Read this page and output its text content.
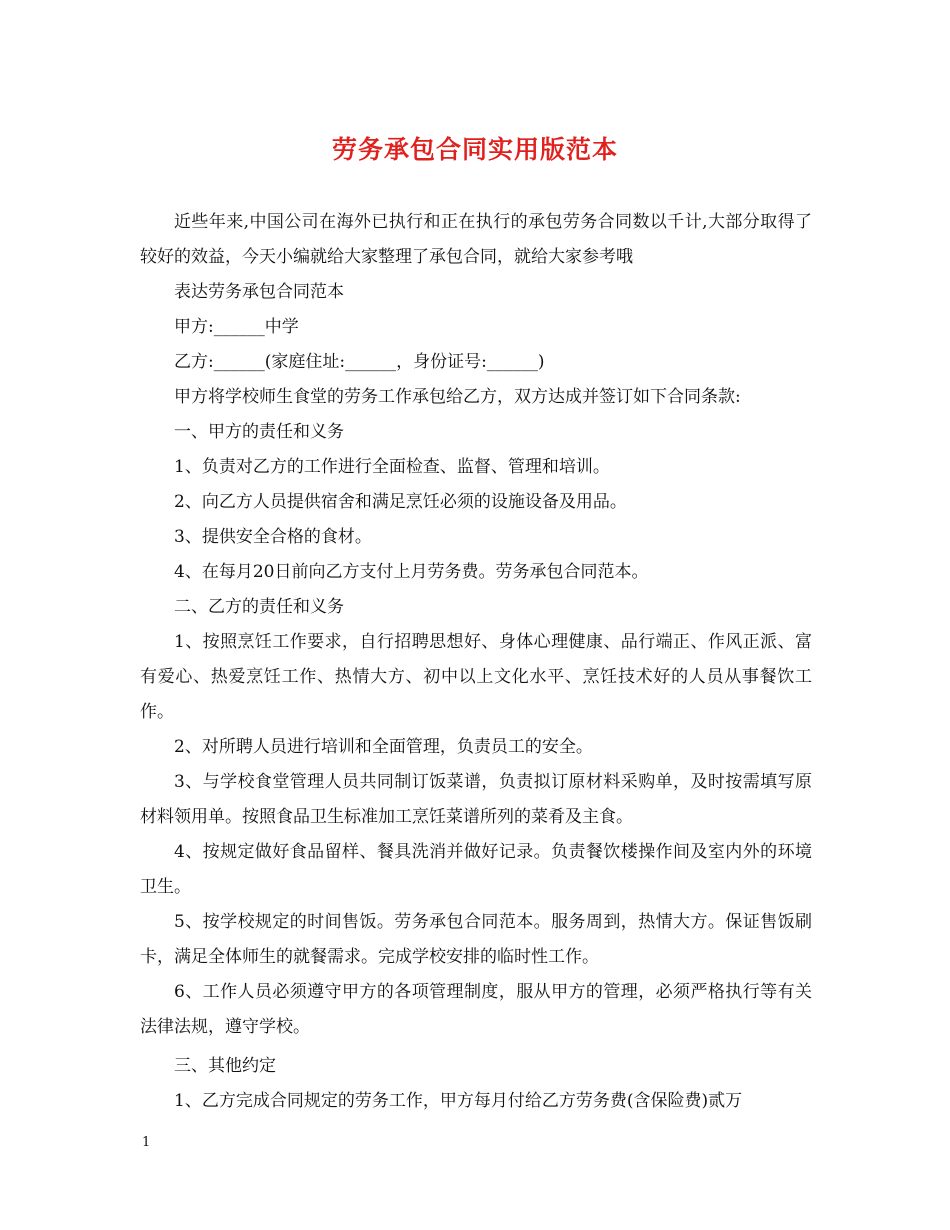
劳务承包合同实用版范本

近些年来,中国公司在海外已执行和正在执行的承包劳务合同数以千计,大部分取得了较好的效益，今天小编就给大家整理了承包合同，就给大家参考哦

表达劳务承包合同范本

甲方:______中学

乙方:______(家庭住址:______，身份证号:______)

甲方将学校师生食堂的劳务工作承包给乙方，双方达成并签订如下合同条款:

一、甲方的责任和义务

1、负责对乙方的工作进行全面检查、监督、管理和培训。

2、向乙方人员提供宿舍和满足烹饪必须的设施设备及用品。

3、提供安全合格的食材。

4、在每月20日前向乙方支付上月劳务费。劳务承包合同范本。

二、乙方的责任和义务

1、按照烹饪工作要求，自行招聘思想好、身体心理健康、品行端正、作风正派、富有爱心、热爱烹饪工作、热情大方、初中以上文化水平、烹饪技术好的人员从事餐饮工作。

2、对所聘人员进行培训和全面管理，负责员工的安全。

3、与学校食堂管理人员共同制订饭菜谱，负责拟订原材料采购单，及时按需填写原材料领用单。按照食品卫生标准加工烹饪菜谱所列的菜肴及主食。

4、按规定做好食品留样、餐具洗消并做好记录。负责餐饮楼操作间及室内外的环境卫生。

5、按学校规定的时间售饭。劳务承包合同范本。服务周到，热情大方。保证售饭刷卡，满足全体师生的就餐需求。完成学校安排的临时性工作。

6、工作人员必须遵守甲方的各项管理制度，服从甲方的管理，必须严格执行等有关法律法规，遵守学校。

三、其他约定

1、乙方完成合同规定的劳务工作，甲方每月付给乙方劳务费(含保险费)贰万

1
